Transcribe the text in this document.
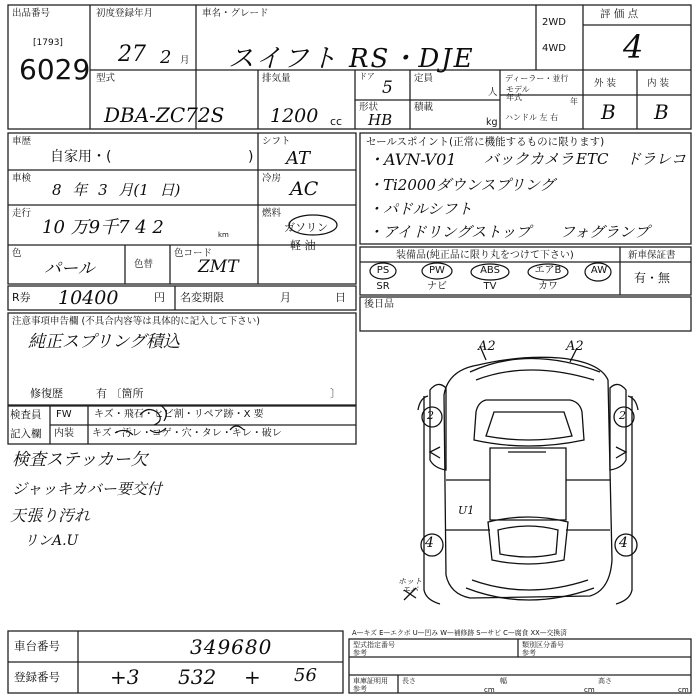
出品番号
[1793]
6029
初度登録年月
27 2 月
車名・グレード
スイフト RS・DJE
2WD
4WD
評 価 点
4
型式
DBA-ZC72S
排気量
1200 cc
ドア
5 定員
人
形状
HB
積載
kg
ディーラー・並行
モデル
年式	年
ハンドル 左 右
外 装	内 装
B B
車歴
自家用・(	)
シフト
AT
車検
8 年 3 月(1 日)
冷房 AC
走行
10 万9千7 4 2	km
燃料
ガソリン
軽 油
色
パール	色替
色コード
ZMT
R券 10400	円 名変期限	月	日
注意事項申告欄 (不具合内容等は具体的に記入して下さい)
純正スプリング積込
修復歴	有 〔箇所	〕
検査員
記入欄
FW キズ・飛石・ヒビ割・リペア跡・X 要
内装 キズ・汚レ・コゲ・穴・タレ・キレ・破レ
検査ステッカー欠
ジャッキカバー要交付
天張り汚れ
リンA.U
セールスポイント(正常に機能するものに限ります)
・AVN-V01 バックカメラ ETC ドラレコ
・Ti2000ダウンスプリング
・パドルシフト
・アイドリングストップ フォグランプ
装備品(純正品に限り丸をつけて下さい)	新車保証書
有・無
PS	PW	ABS	エアB	AW
SR	ナビ	TV	カワ
後日品
A2	A2
2	2
4	4
U1
ホット エバ
A—キズ E—エクボ U—凹み W—補修跡 S—サビ C—腐食 XX—交換済
車台番号	349680
登録番号	+3 532 + 56
型式指定番号
参考
類別区分番号
参考
車庫証明用
参考
長さ
cm
幅
cm
高さ
cm
